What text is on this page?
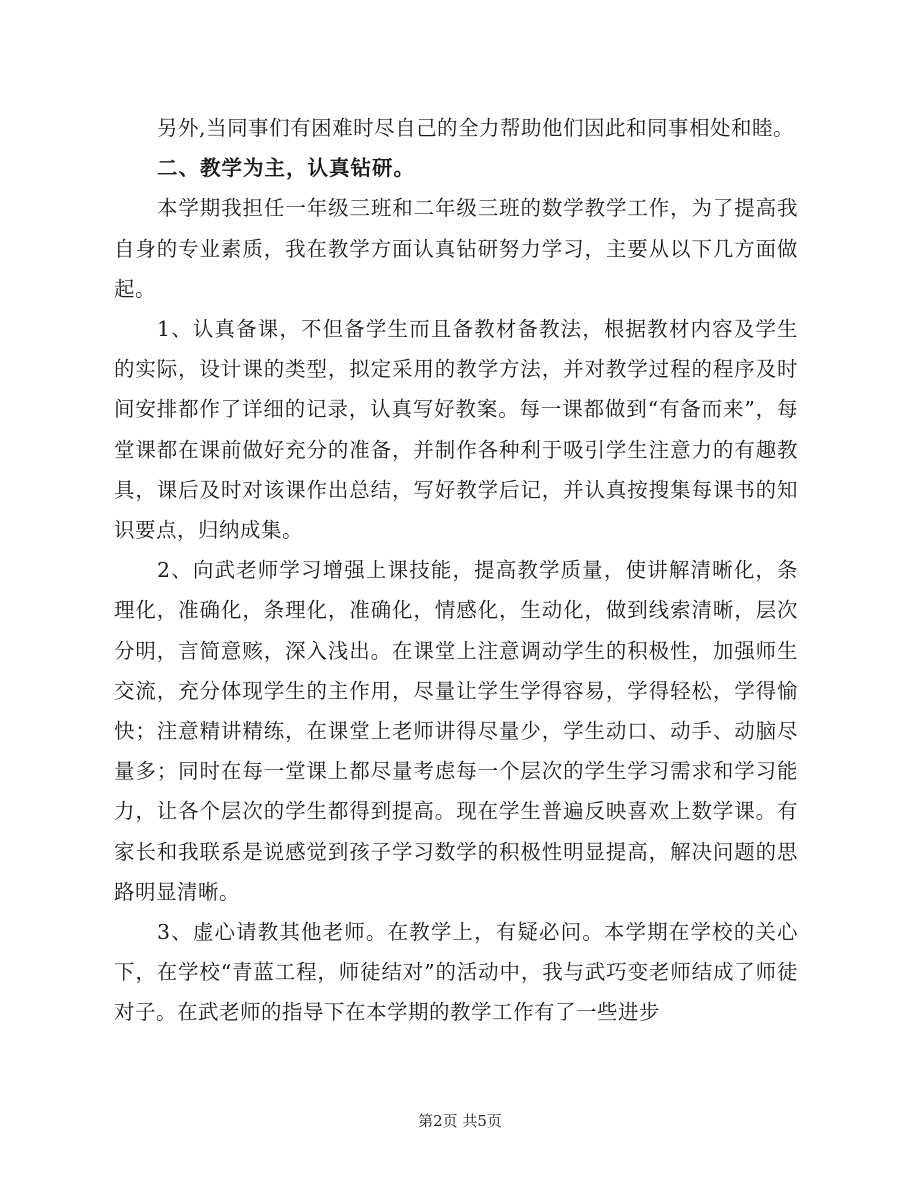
另外,当同事们有困难时尽自己的全力帮助他们因此和同事相处和睦。

二、教学为主，认真钻研。

本学期我担任一年级三班和二年级三班的数学教学工作，为了提高我自身的专业素质，我在教学方面认真钻研努力学习，主要从以下几方面做起。

1、认真备课，不但备学生而且备教材备教法，根据教材内容及学生的实际，设计课的类型，拟定采用的教学方法，并对教学过程的程序及时间安排都作了详细的记录，认真写好教案。每一课都做到“有备而来”，每堂课都在课前做好充分的准备，并制作各种利于吸引学生注意力的有趣教具，课后及时对该课作出总结，写好教学后记，并认真按搜集每课书的知识要点，归纳成集。

2、向武老师学习增强上课技能，提高教学质量，使讲解清晰化，条理化，准确化，条理化，准确化，情感化，生动化，做到线索清晰，层次分明，言简意赅，深入浅出。在课堂上注意调动学生的积极性，加强师生交流，充分体现学生的主作用，尽量让学生学得容易，学得轻松，学得愉快；注意精讲精练，在课堂上老师讲得尽量少，学生动口、动手、动脑尽量多；同时在每一堂课上都尽量考虑每一个层次的学生学习需求和学习能力，让各个层次的学生都得到提高。现在学生普遍反映喜欢上数学课。有家长和我联系是说感觉到孩子学习数学的积极性明显提高，解决问题的思路明显清晰。

3、虚心请教其他老师。在教学上，有疑必问。本学期在学校的关心下，在学校“青蓝工程，师徒结对”的活动中，我与武巧变老师结成了师徒对子。在武老师的指导下在本学期的教学工作有了一些进步

第2页 共5页
